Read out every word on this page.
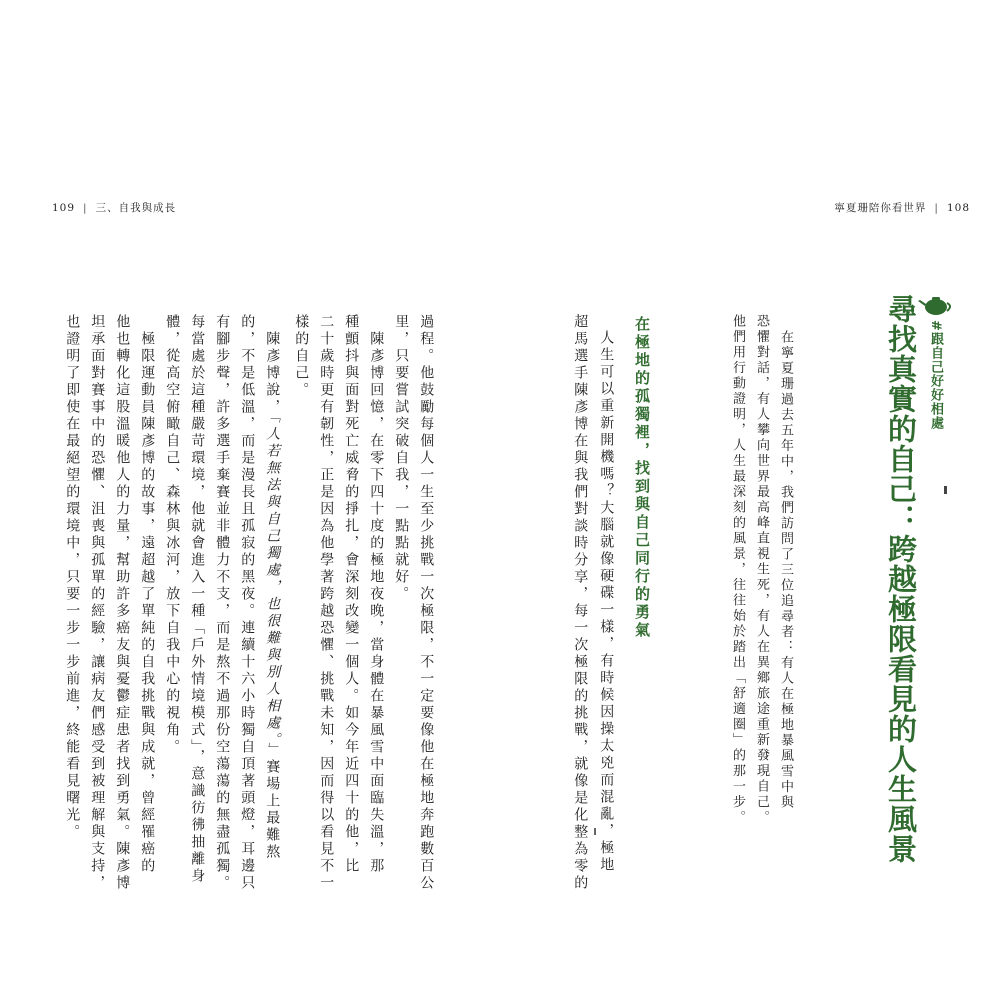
109 | 三、自我與成長	寧夏珊陪你看世界 | 108
#跟自己好好相處
尋找真實的自己：跨越極限看見的人生風景
在寧夏珊過去五年中，我們訪問了三位追尋者：有人在極地暴風雪中與
恐懼對話，有人攀向世界最高峰直視生死，有人在異鄉旅途重新發現自己。
他們用行動證明，人生最深刻的風景，往往始於踏出「舒適圈」的那一步。
在極地的孤獨裡，找到與自己同行的勇氣
人生可以重新開機嗎？大腦就像硬碟一樣，有時候因操太兇而混亂，極地
超馬選手陳彥博在與我們對談時分享，每一次極限的挑戰，就像是化整為零的
過程。他鼓勵每個人一生至少挑戰一次極限，不一定要像他在極地奔跑數百公
里，只要嘗試突破自我，一點點就好。
　陳彥博回憶，在零下四十度的極地夜晚，當身體在暴風雪中面臨失溫，那
種顫抖與面對死亡威脅的掙扎，會深刻改變一個人。如今年近四十的他，比
二十歲時更有韌性，正是因為他學著跨越恐懼、挑戰未知，因而得以看見不一
樣的自己。
　陳彥博說，「人若無法與自己獨處，也很難與別人相處。」賽場上最難熬
的，不是低溫，而是漫長且孤寂的黑夜。連續十六小時獨自頂著頭燈，耳邊只
有腳步聲，許多選手棄賽並非體力不支，而是熬不過那份空蕩蕩的無盡孤獨。
每當處於這種嚴苛環境，他就會進入一種「戶外情境模式」，意識彷彿抽離身
體，從高空俯瞰自己、森林與冰河，放下自我中心的視角。
　極限運動員陳彥博的故事，遠超越了單純的自我挑戰與成就，曾經罹癌的
他也轉化這股溫暖他人的力量，幫助許多癌友與憂鬱症患者找到勇氣。陳彥博
坦承面對賽事中的恐懼、沮喪與孤單的經驗，讓病友們感受到被理解與支持，
也證明了即使在最絕望的環境中，只要一步一步前進，終能看見曙光。
